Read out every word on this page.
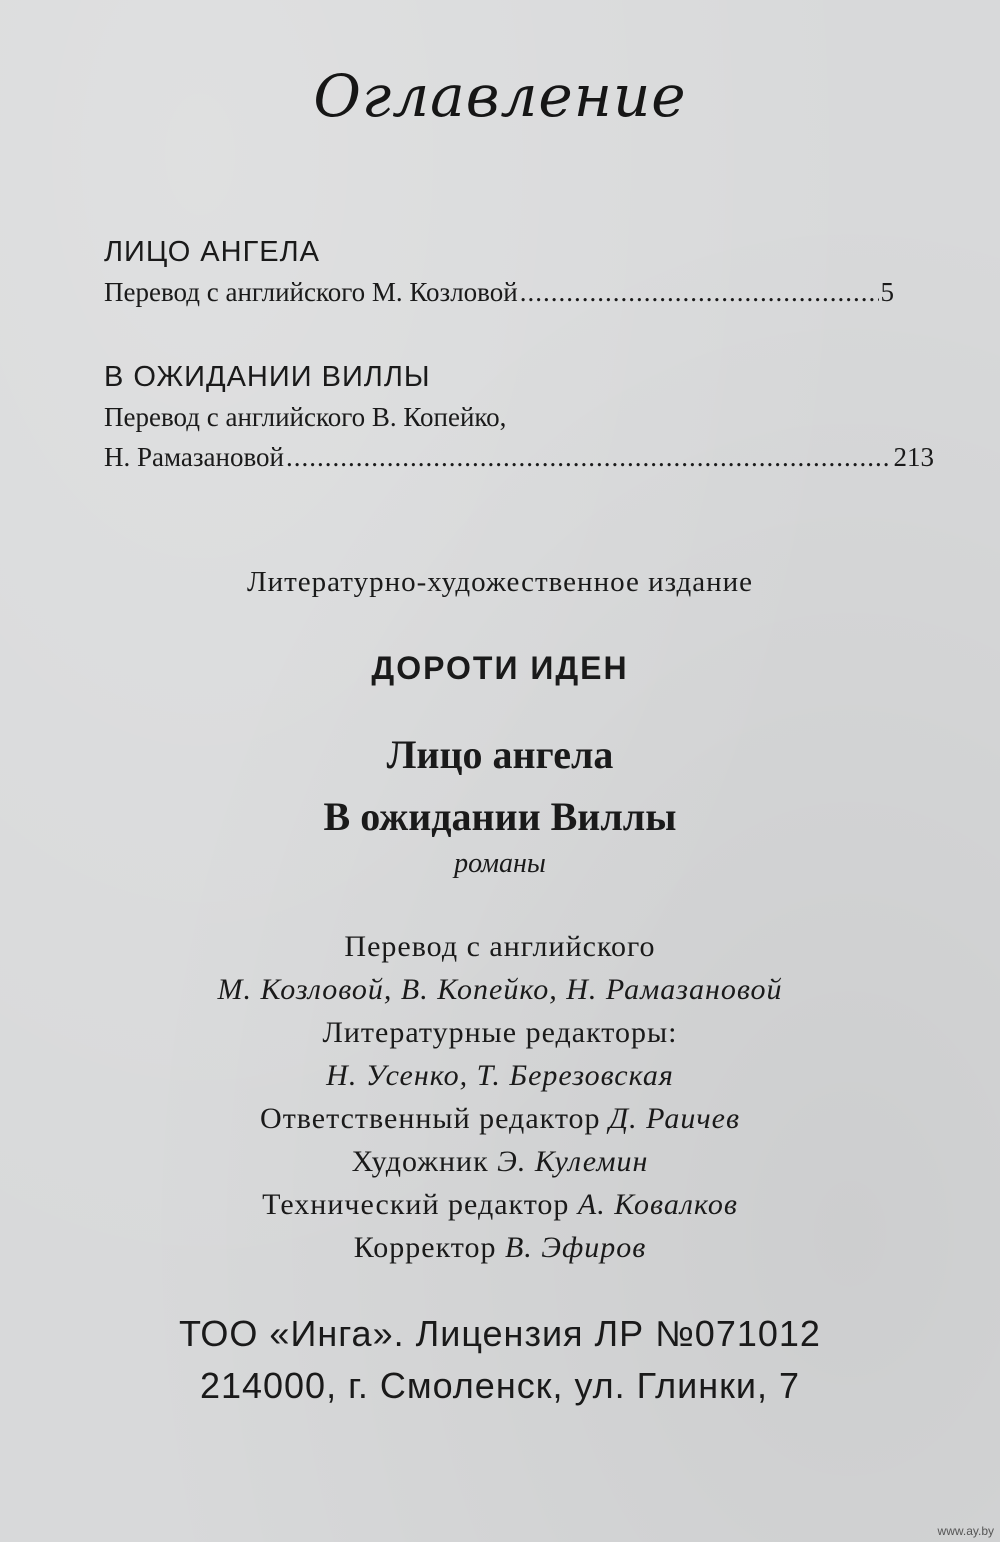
Оглавление
ЛИЦО АНГЕЛА
Перевод с английского М. Козловой .....	5
В ОЖИДАНИИ ВИЛЛЫ
Перевод с английского В. Копейко,
Н. Рамазановой .....	213
Литературно-художественное издание
ДОРОТИ ИДЕН
Лицо ангела
В ожидании Виллы
романы
Перевод с английского
М. Козловой, В. Копейко, Н. Рамазановой
Литературные редакторы:
Н. Усенко, Т. Березовская
Ответственный редактор Д. Раичев
Художник Э. Кулемин
Технический редактор А. Ковалков
Корректор В. Эфиров
ТОО «Инга». Лицензия ЛР №071012
214000, г. Смоленск, ул. Глинки, 7
www.ay.by
